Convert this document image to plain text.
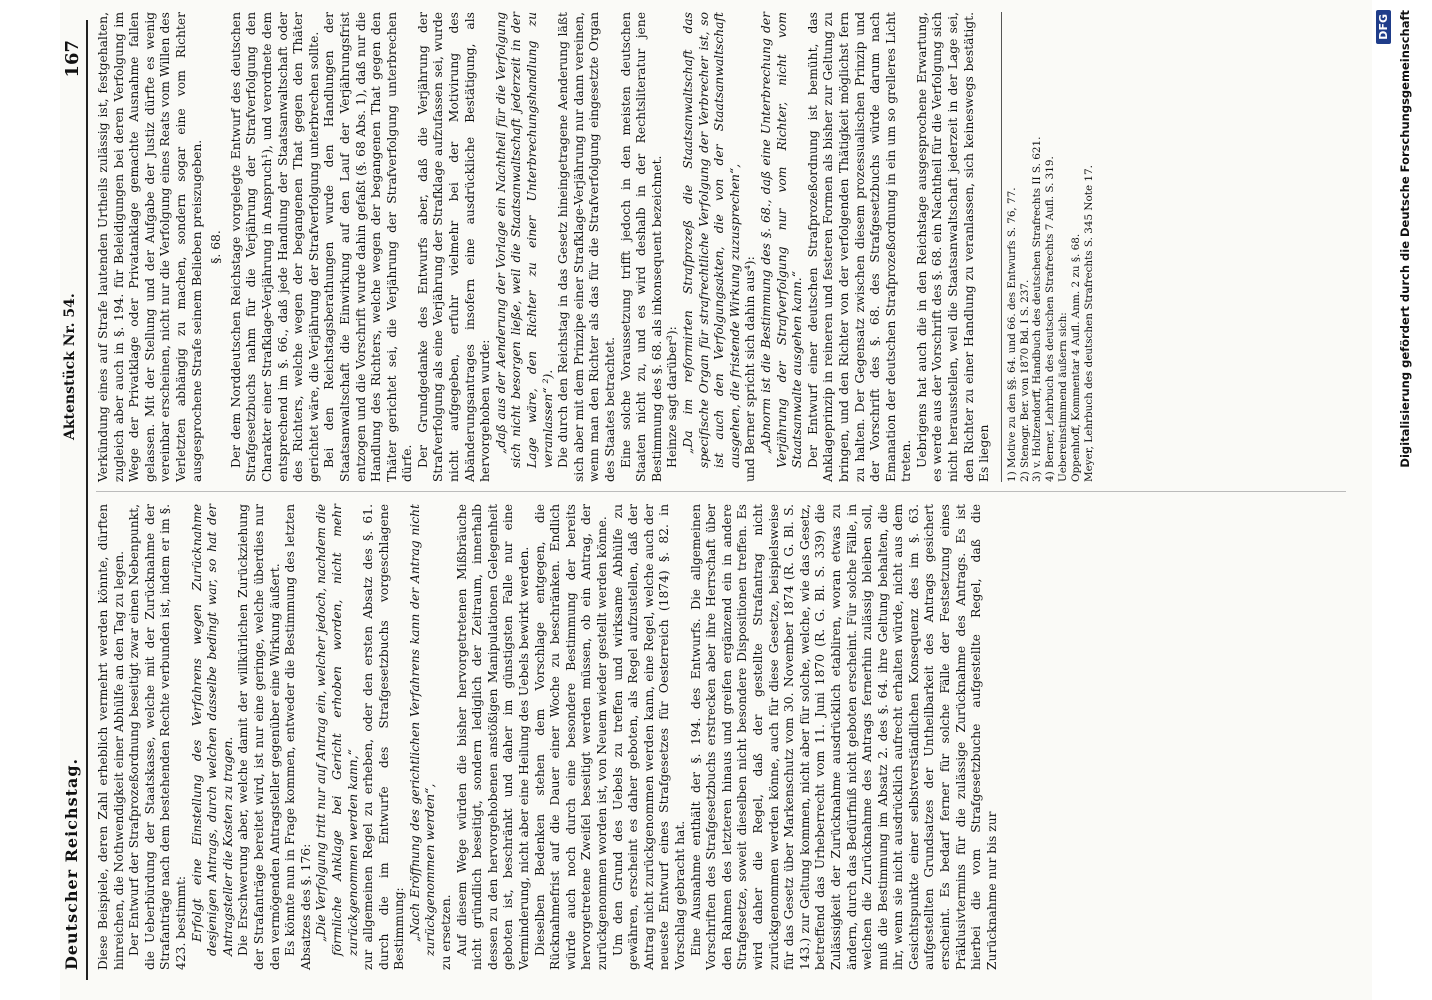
Deutscher Reichstag.
Aktenstück Nr. 54.
167

Diese Beispiele, deren Zahl erheblich vermehrt werden könnte, dürften hinreichen, die Nothwendigkeit einer Abhülfe an den Tag zu legen. Der Entwurf der Strafprozeßordnung beseitigt zwar einen Nebenpunkt, die Ueberbürdung der Staatskasse, welche mit der Zurücknahme der Strafanträge nach dem bestehenden Rechte verbunden ist, indem er im §. 423. bestimmt: Erfolgt eine Einstellung des Verfahrens wegen Zurücknahme desjenigen Antrags, durch welchen dasselbe bedingt war, so hat der Antragsteller die Kosten zu tragen. Die Erschwerung aber, welche damit der willkürlichen Zurückziehung der Strafanträge bereitet wird, ist nur eine geringe, welche überdies nur den vermögenden Antragsteller gegenüber eine Wirkung äußert. Es könnte nun in Frage kommen, entweder die Bestimmung des letzten Absatzes des §. 176: „Die Verfolgung tritt nur auf Antrag ein, welcher jedoch, nachdem die förmliche Anklage bei Gericht erhoben worden, nicht mehr zurückgenommen werden kann,“ zur allgemeinen Regel zu erheben, oder den ersten Absatz des §. 61. durch die im Entwurfe des Strafgesetzbuchs vorgeschlagene Bestimmung: „Nach Eröffnung des gerichtlichen Verfahrens kann der Antrag nicht zurückgenommen werden“, zu ersetzen. Auf diesem Wege würden die bisher hervorgetretenen Mißbräuche nicht gründlich beseitigt, sondern lediglich der Zeitraum, innerhalb dessen zu den hervorgehobenen anstößigen Manipulationen Gelegenheit geboten ist, beschränkt und daher im günstigsten Falle nur eine Verminderung, nicht aber eine Heilung des Uebels bewirkt werden. Dieselben Bedenken stehen dem Vorschlage entgegen, die Rücknahmefrist auf die Dauer einer Woche zu beschränken. Endlich würde auch noch durch eine besondere Bestimmung der bereits hervorgetretene Zweifel beseitigt werden müssen, ob ein Antrag, der zurückgenommen worden ist, von Neuem wieder gestellt werden könne. Um den Grund des Uebels zu treffen und wirksame Abhülfe zu gewähren, erscheint es daher geboten, als Regel aufzustellen, daß der Antrag nicht zurückgenommen werden kann, eine Regel, welche auch der neueste Entwurf eines Strafgesetzes für Oesterreich (1874) §. 82. in Vorschlag gebracht hat. Eine Ausnahme enthält der §. 194. des Entwurfs. Die allgemeinen Vorschriften des Strafgesetzbuchs erstrecken aber ihre Herrschaft über den Rahmen des letzteren hinaus und greifen ergänzend ein in andere Strafgesetze, soweit dieselben nicht besondere Dispositionen treffen. Es wird daher die Regel, daß der gestellte Strafantrag nicht zurückgenommen werden könne, auch für diese Gesetze, beispielsweise für das Gesetz über Markenschutz vom 30. November 1874 (R. G. Bl. S. 143.) zur Geltung kommen, nicht aber für solche, welche, wie das Gesetz, betreffend das Urheberrecht vom 11. Juni 1870 (R. G. Bl. S. 339) die Zulässigkeit der Zurücknahme ausdrücklich etabliren, woran etwas zu ändern, durch das Bedürfniß nicht geboten erscheint. Für solche Fälle, in welchen die Zurücknahme des Antrags fernerhin zulässig bleiben soll, muß die Bestimmung im Absatz 2. des §. 64. ihre Geltung behalten, die ihr, wenn sie nicht ausdrücklich aufrecht erhalten würde, nicht aus dem Gesichtspunkte einer selbstverständlichen Konsequenz des im §. 63. aufgestellten Grundsatzes der Untheilbarkeit des Antrags gesichert erscheint. Es bedarf ferner für solche Fälle der Festsetzung eines Präklusivtermins für die zulässige Zurücknahme des Antrags. Es ist hierbei die vom Strafgesetzbuche aufgestellte Regel, daß die Zurücknahme nur bis zur

Verkündung eines auf Strafe lautenden Urtheils zulässig ist, festgehalten, zugleich aber auch in §. 194. für Beleidigungen bei deren Verfolgung im Wege der Privatklage oder Privatanklage gemachte Ausnahme fallen gelassen. Mit der Stellung und der Aufgabe der Justiz dürfte es wenig vereinbar erscheinen, nicht nur die Verfolgung eines Reats vom Willen des Verletzten abhängig zu machen, sondern sogar eine vom Richter ausgesprochene Strafe seinem Belieben preiszugeben. §. 68. Der dem Norddeutschen Reichstage vorgelegte Entwurf des deutschen Strafgesetzbuchs nahm für die Verjährung der Strafverfolgung den Charakter einer Strafklage-Verjährung in Anspruch¹), und verordnete dem entsprechend im §. 66., daß jede Handlung der Staatsanwaltschaft oder des Richters, welche wegen der begangenen That gegen den Thäter gerichtet wäre, die Verjährung der Strafverfolgung unterbrechen sollte. Bei den Reichstagsberathungen wurde den Handlungen der Staatsanwaltschaft die Einwirkung auf den Lauf der Verjährungsfrist entzogen und die Vorschrift wurde dahin gefaßt (§. 68 Abs. 1), daß nur die Handlung des Richters, welche wegen der begangenen That gegen den Thäter gerichtet sei, die Verjährung der Strafverfolgung unterbrechen dürfe. Der Grundgedanke des Entwurfs aber, daß die Verjährung der Strafverfolgung als eine Verjährung der Strafklage aufzufassen sei, wurde nicht aufgegeben, erfuhr vielmehr bei der Motivirung des Abänderungsantrages insofern eine ausdrückliche Bestätigung, als hervorgehoben wurde: „daß aus der Aenderung der Vorlage ein Nachtheil für die Verfolgung sich nicht besorgen ließe, weil die Staatsanwaltschaft jederzeit in der Lage wäre, den Richter zu einer Unterbrechungshandlung zu veranlassen“ ²). Die durch den Reichstag in das Gesetz hineingetragene Aenderung läßt sich aber mit dem Prinzipe einer Strafklage-Verjährung nur dann vereinen, wenn man den Richter als das für die Strafverfolgung eingesetzte Organ des Staates betrachtet. Eine solche Voraussetzung trifft jedoch in den meisten deutschen Staaten nicht zu, und es wird deshalb in der Rechtsliteratur jene Bestimmung des §. 68. als inkonsequent bezeichnet. Heinze sagt darüber³): „Da im reformirten Strafprozeß die Staatsanwaltschaft das specifische Organ für strafrechtliche Verfolgung der Verbrecher ist, so ist auch den Verfolgungsakten, die von der Staatsanwaltschaft ausgehen, die fristende Wirkung zuzusprechen“, und Berner spricht sich dahin aus⁴): „Abnorm ist die Bestimmung des §. 68., daß eine Unterbrechung der Verjährung der Strafverfolgung nur vom Richter, nicht vom Staatsanwalte ausgehen kann.“ Der Entwurf einer deutschen Strafprozeßordnung ist bemüht, das Anklageprinzip in reineren und festeren Formen als bisher zur Geltung zu bringen, und den Richter von der verfolgenden Thätigkeit möglichst fern zu halten. Der Gegensatz zwischen diesem prozessualischen Prinzip und der Vorschrift des §. 68. des Strafgesetzbuchs würde darum nach Emanation der deutschen Strafprozeßordnung in ein um so grelleres Licht treten. Uebrigens hat auch die in den Reichstage ausgesprochene Erwartung, es werde aus der Vorschrift des §. 68. ein Nachtheil für die Verfolgung sich nicht herausstellen, weil die Staatsanwaltschaft jederzeit in der Lage sei, den Richter zu einer Handlung zu veranlassen, sich keineswegs bestätigt. Es liegen 1) Motive zu den §§. 64. und 66. des Entwurfs S. 76, 77. 2) Stenogr. Ber. von 1870 Bd. I S. 237. 3) v. Holtzendorff, Handbuch des deutschen Strafrechts II S. 621. 4) Berner, Lehrbuch des deutschen Strafrechts 7 Aufl. S. 319. Uebereinstimmend äußern sich: Oppenhoff, Kommentar 4 Aufl. Anm. 2 zu §. 68. Meyer, Lehrbuch des deutschen Strafrechts S. 345 Note 17.
DFG Digitalisierung gefördert durch die Deutsche Forschungsgemeinschaft
